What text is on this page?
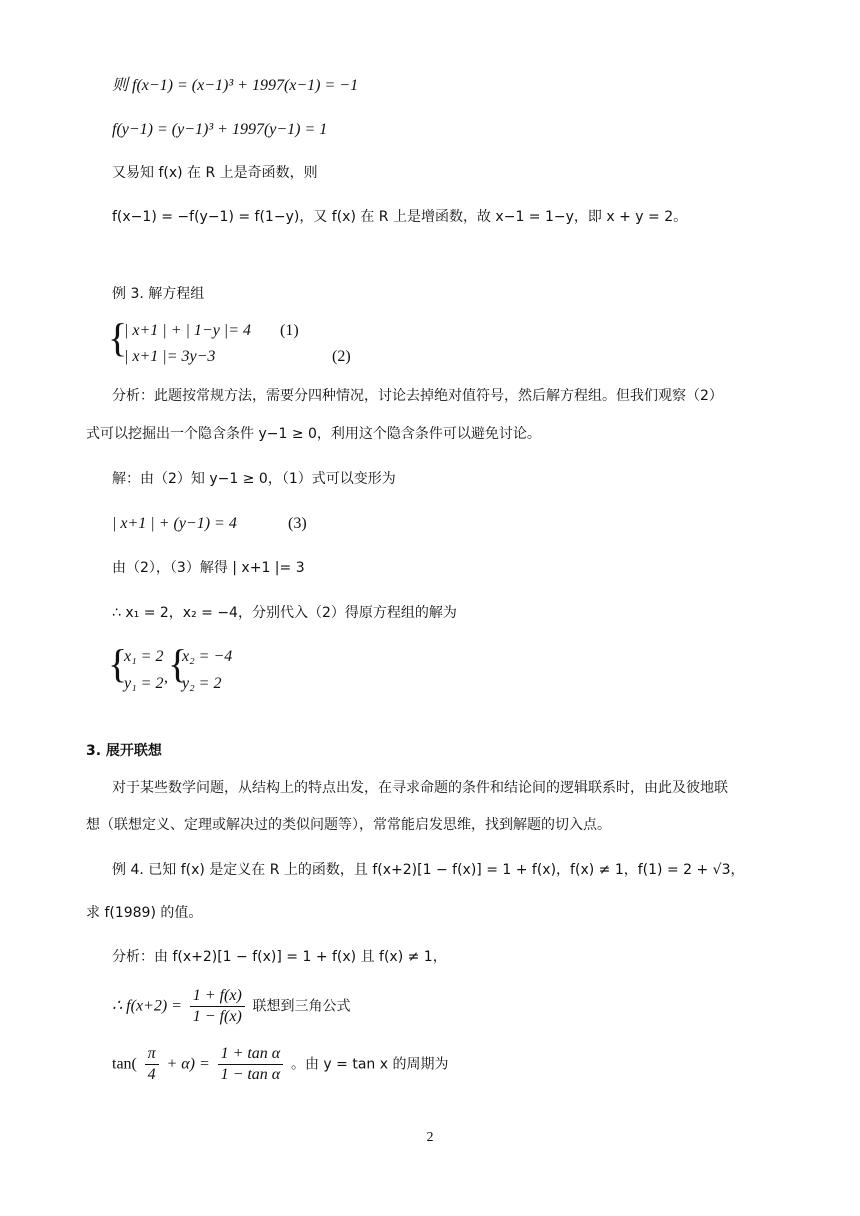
则 f(x−1) = (x−1)³ + 1997(x−1) = −1
f(y−1) = (y−1)³ + 1997(y−1) = 1
又易知 f(x) 在 R 上是奇函数，则
f(x−1) = −f(y−1) = f(1−y)，又 f(x) 在 R 上是增函数，故 x−1 = 1−y，即 x + y = 2。
例 3. 解方程组
{
| x+1 | + | 1−y |= 4 (1)
| x+1 |= 3y−3	(2)
分析：此题按常规方法，需要分四种情况，讨论去掉绝对值符号，然后解方程组。但我们观察（2）
式可以挖掘出一个隐含条件 y−1 ≥ 0，利用这个隐含条件可以避免讨论。
解：由（2）知 y−1 ≥ 0，（1）式可以变形为
| x+1 | + (y−1) = 4	(3)
由（2），（3）解得 | x+1 |= 3
∴ x₁ = 2，x₂ = −4，分别代入（2）得原方程组的解为
{
x₁ = 2
y₁ = 2 , {
x₂ = −4
y₂ = 2
3. 展开联想
对于某些数学问题，从结构上的特点出发，在寻求命题的条件和结论间的逻辑联系时，由此及彼地联
想（联想定义、定理或解决过的类似问题等），常常能启发思维，找到解题的切入点。
例 4. 已知 f(x) 是定义在 R 上的函数，且 f(x+2)[1 − f(x)] = 1 + f(x)，f(x) ≠ 1，f(1) = 2 + √3，
求 f(1989) 的值。
分析：由 f(x+2)[1 − f(x)] = 1 + f(x) 且 f(x) ≠ 1，
∴ $f(x+2) = \frac{1 + f(x)}{1 - f(x)}$ 联想到三角公式
$\tan( \frac{\pi}{4} + \alpha) = \frac{\text{1 + tan α}}{\text{1 − tan α}}$ 。由 y = tan x 的周期为
2
